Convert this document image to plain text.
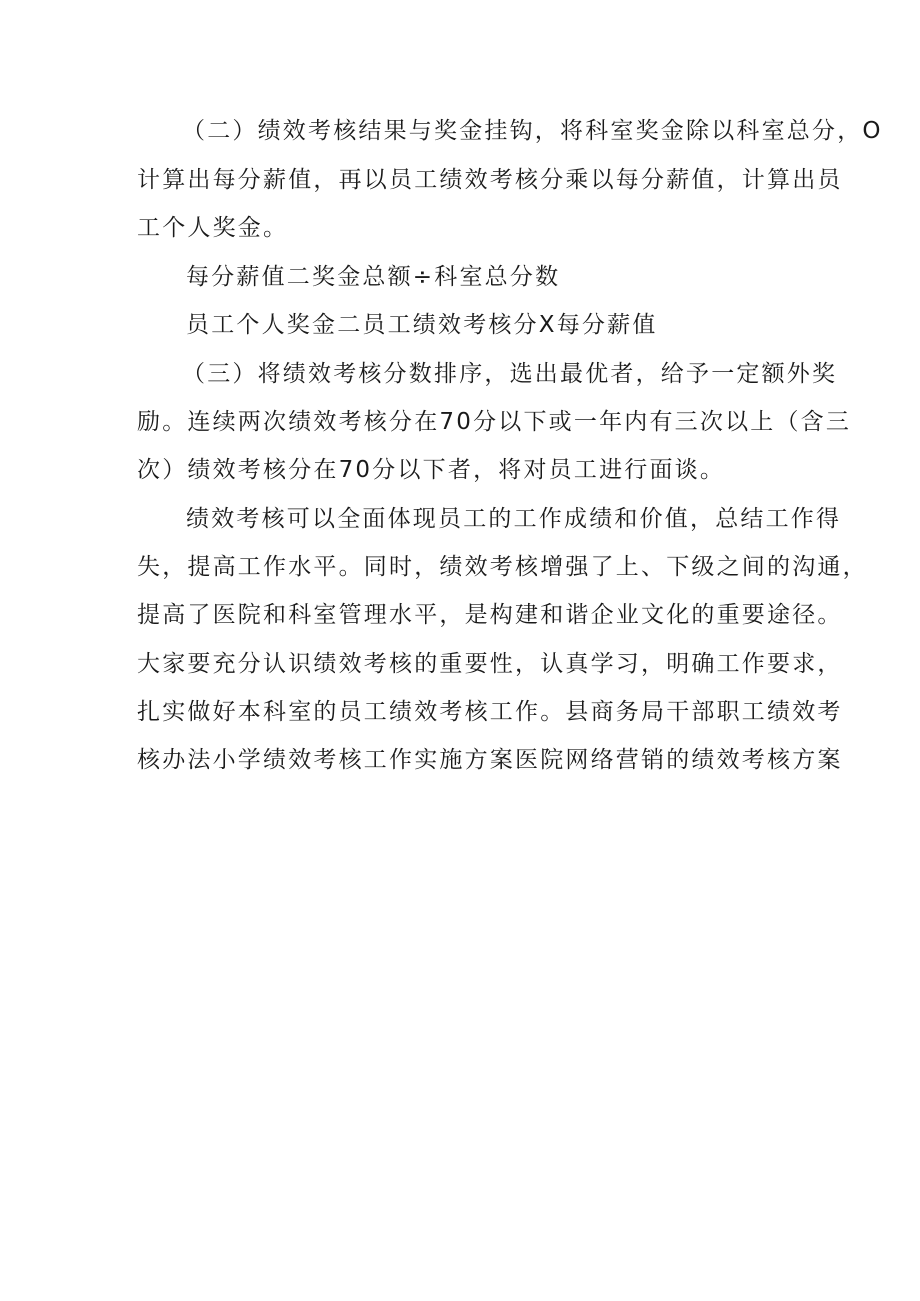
（二）绩效考核结果与奖金挂钩，将科室奖金除以科室总分，O
计算出每分薪值，再以员工绩效考核分乘以每分薪值，计算出员
工个人奖金。
每分薪值二奖金总额÷科室总分数
员工个人奖金二员工绩效考核分X每分薪值
（三）将绩效考核分数排序，选出最优者，给予一定额外奖
励。连续两次绩效考核分在70分以下或一年内有三次以上（含三
次）绩效考核分在70分以下者，将对员工进行面谈。
绩效考核可以全面体现员工的工作成绩和价值，总结工作得
失，提高工作水平。同时，绩效考核增强了上、下级之间的沟通，
提高了医院和科室管理水平，是构建和谐企业文化的重要途径。
大家要充分认识绩效考核的重要性，认真学习，明确工作要求，
扎实做好本科室的员工绩效考核工作。县商务局干部职工绩效考
核办法小学绩效考核工作实施方案医院网络营销的绩效考核方案
